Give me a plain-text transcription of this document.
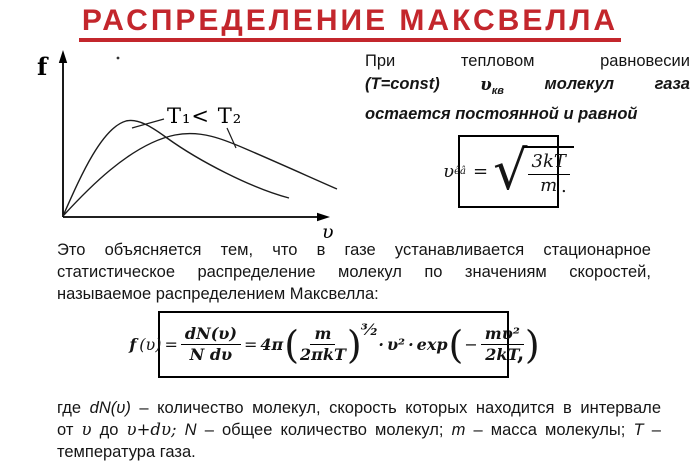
РАСПРЕДЕЛЕНИЕ МАКСВЕЛЛА
f
υ
T₁< T₂
При	тепловом	равновесии
(T=const) $\upsilon_{кв}$ молекул газа
остается постоянной и равной
υ êâ = √ $\frac{3kT}{m}$
.
Это объясняется тем, что в газе устанавливается стационарное
статистическое распределение молекул по значениям скоростей,
называемое распределением Максвелла:
f $(\upsilon) = \frac{dN(\upsilon)}{\text{N dυ}} = 4\pi$ ( $\frac{m}{\text{2πkT}}$ ) ³⁄₂
· υ² · exp ( − $\frac{\text{mυ²}}{2kT}$ )
,
где dN(υ) – количество молекул, скорость которых находится в интервале
от υ до υ+dυ; N – общее количество молекул; m – масса молекулы; T –
температура газа.
